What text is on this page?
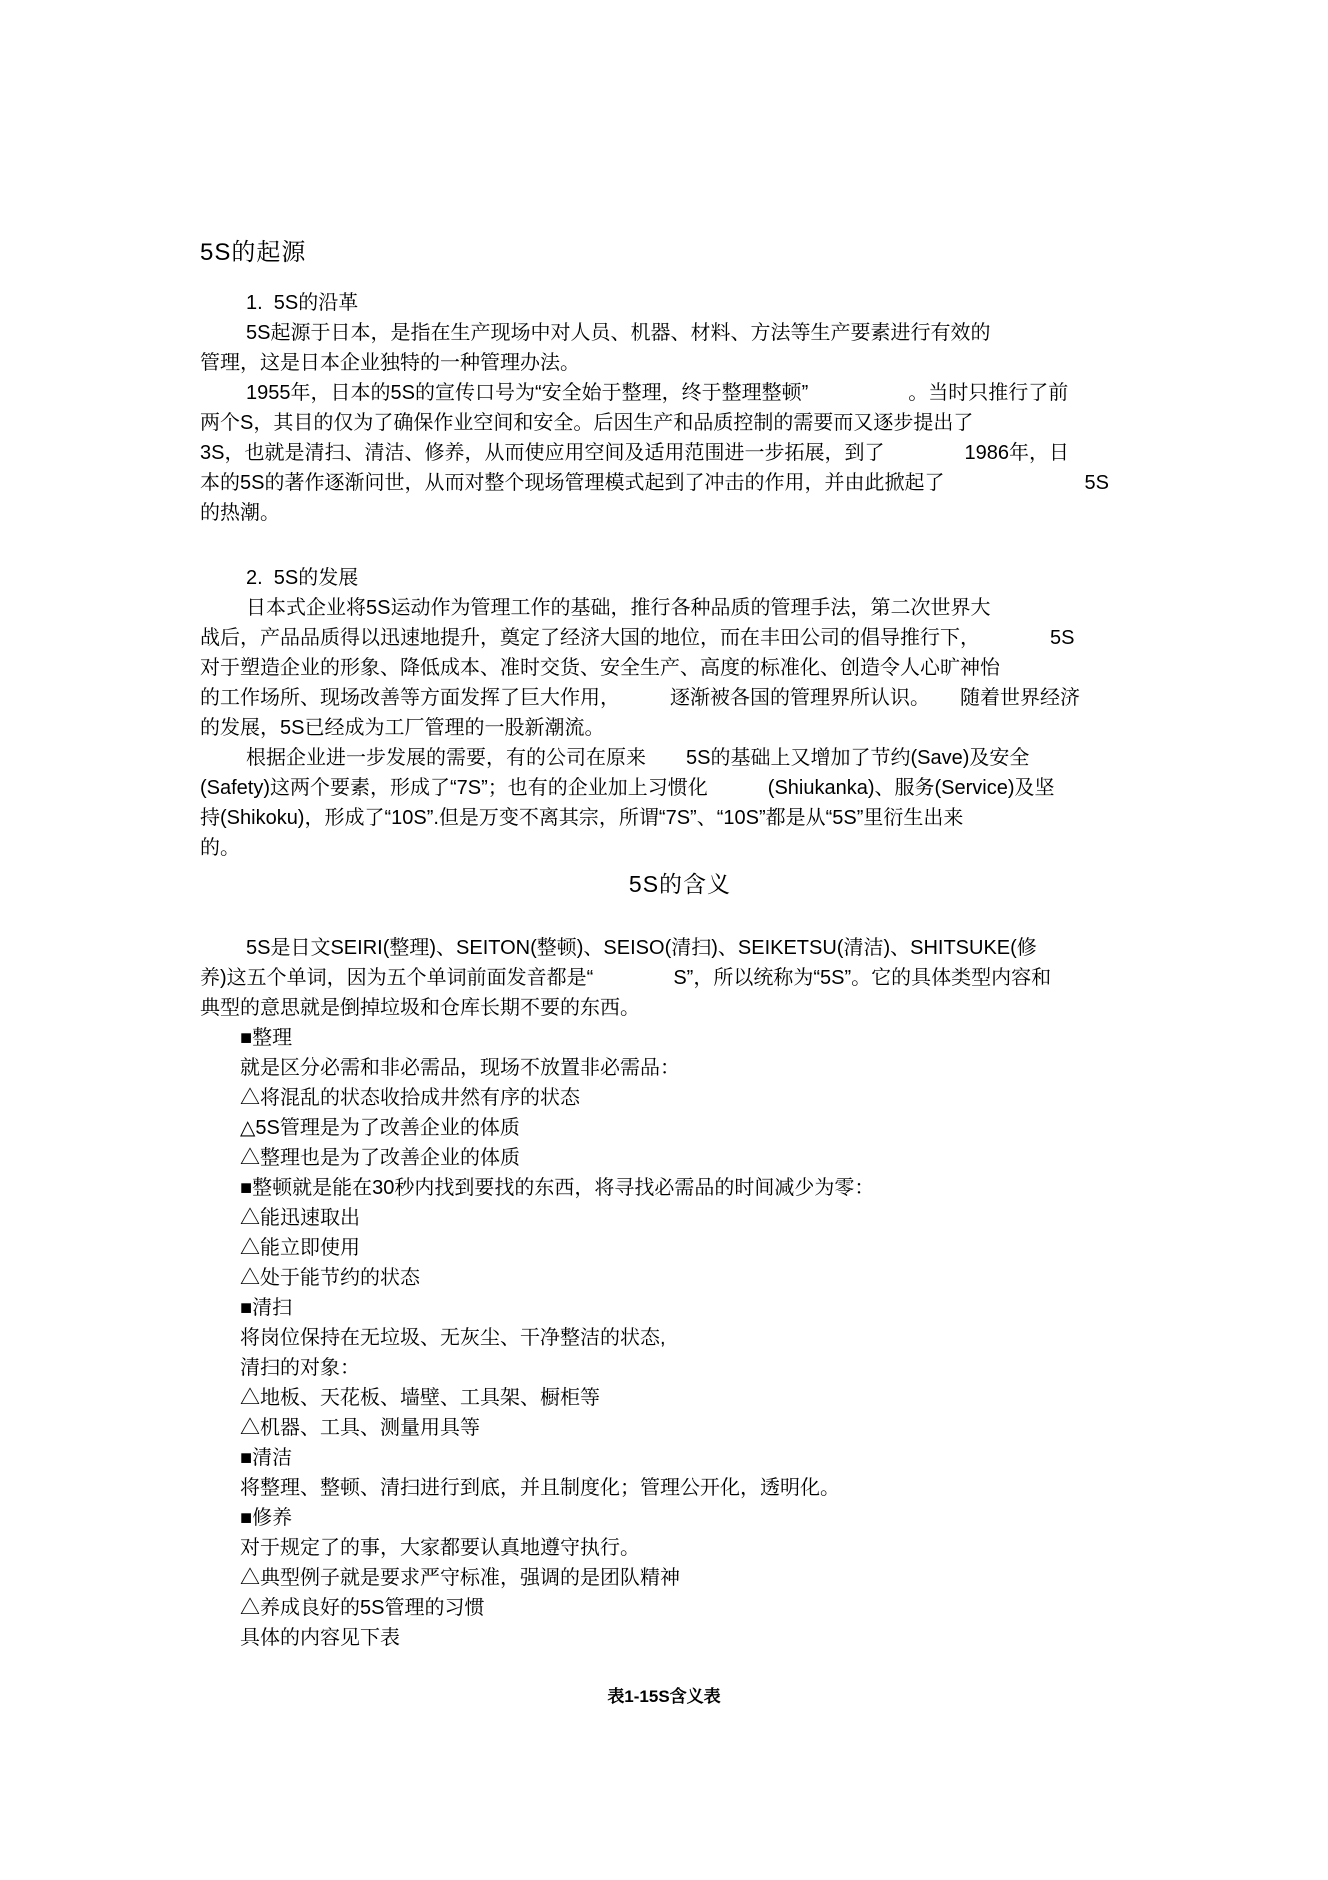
5S的起源
1.  5S的沿革
5S起源于日本，是指在生产现场中对人员、机器、材料、方法等生产要素进行有效的
管理，这是日本企业独特的一种管理办法。
1955年，日本的5S的宣传口号为“安全始于整理，终于整理整顿”　　　　　。当时只推行了前
两个S，其目的仅为了确保作业空间和安全。后因生产和品质控制的需要而又逐步提出了
3S，也就是清扫、清洁、修养，从而使应用空间及适用范围进一步拓展，到了　　　　1986年，日
本的5S的著作逐渐问世，从而对整个现场管理模式起到了冲击的作用，并由此掀起了　　　　　　　5S
的热潮。
2.  5S的发展
日本式企业将5S运动作为管理工作的基础，推行各种品质的管理手法，第二次世界大
战后，产品品质得以迅速地提升，奠定了经济大国的地位，而在丰田公司的倡导推行下，　　　　5S
对于塑造企业的形象、降低成本、准时交货、安全生产、高度的标准化、创造令人心旷神怡
的工作场所、现场改善等方面发挥了巨大作用，　　　逐渐被各国的管理界所认识。　　随着世界经济
的发展，5S已经成为工厂管理的一股新潮流。
根据企业进一步发展的需要，有的公司在原来　　5S的基础上又增加了节约(Save)及安全
(Safety)这两个要素，形成了“7S”；也有的企业加上习惯化　　　(Shiukanka)、服务(Service)及坚
持(Shikoku)，形成了“10S”.但是万变不离其宗，所谓“7S”、“10S”都是从“5S”里衍生出来
的。
5S的含义
5S是日文SEIRI(整理)、SEITON(整顿)、SEISO(清扫)、SEIKETSU(清洁)、SHITSUKE(修
养)这五个单词，因为五个单词前面发音都是“　　　　S”，所以统称为“5S”。它的具体类型内容和
典型的意思就是倒掉垃圾和仓库长期不要的东西。
■整理
就是区分必需和非必需品，现场不放置非必需品：
△将混乱的状态收拾成井然有序的状态
△5S管理是为了改善企业的体质
△整理也是为了改善企业的体质
■整顿就是能在30秒内找到要找的东西，将寻找必需品的时间减少为零：
△能迅速取出
△能立即使用
△处于能节约的状态
■清扫
将岗位保持在无垃圾、无灰尘、干净整洁的状态,
清扫的对象：
△地板、天花板、墙壁、工具架、橱柜等
△机器、工具、测量用具等
■清洁
将整理、整顿、清扫进行到底，并且制度化；管理公开化，透明化。
■修养
对于规定了的事，大家都要认真地遵守执行。
△典型例子就是要求严守标准，强调的是团队精神
△养成良好的5S管理的习惯
具体的内容见下表
表1-15S含义表
